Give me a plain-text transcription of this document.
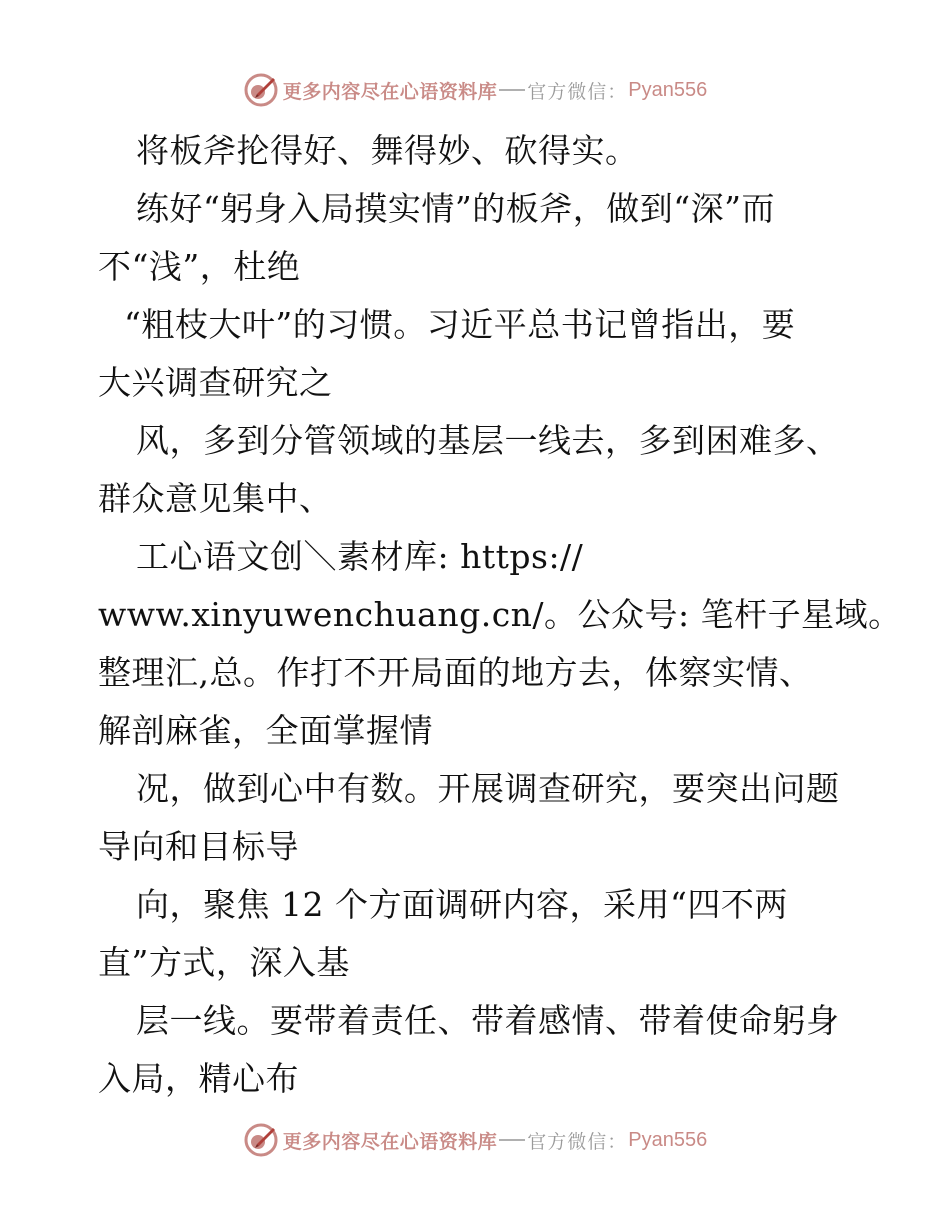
更多内容尽在心语资料库 官方微信 ： Pyan556
将板斧抡得好、舞得妙、砍得实。
练好“躬身入局摸实情”的板斧，做到“深”而
不“浅”，杜绝
“粗枝大叶”的习惯。习近平总书记曾指出，要
大兴调查研究之
风，多到分管领域的基层一线去，多到困难多、
群众意见集中、
工心语文创＼素材库: https://
www.xinyuwenchuang.cn/。公众号: 笔杆子星域。
整理汇,总。作打不开局面的地方去，体察实情、
解剖麻雀，全面掌握情
况，做到心中有数。开展调查研究，要突出问题
导向和目标导
向，聚焦 12 个方面调研内容，采用“四不两
直”方式，深入基
层一线。要带着责任、带着感情、带着使命躬身
入局，精心布
更多内容尽在心语资料库 官方微信 ： Pyan556
